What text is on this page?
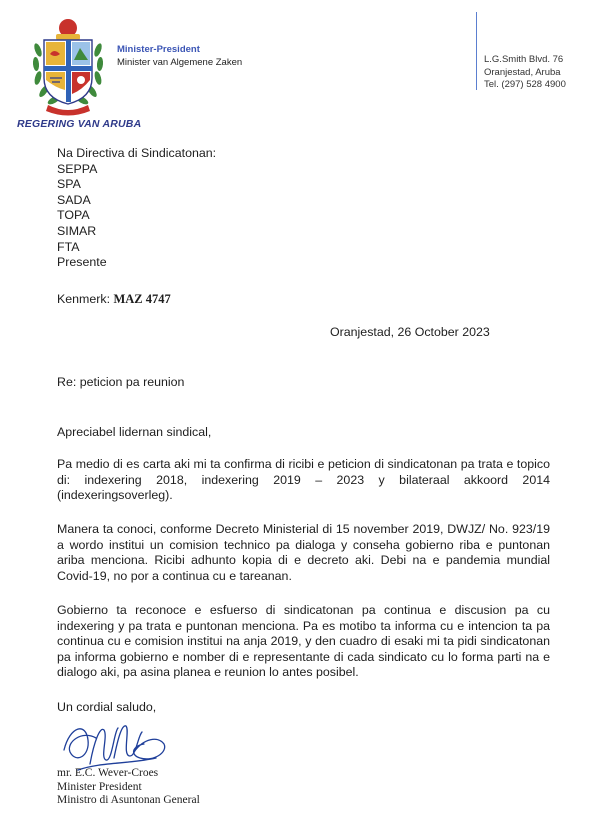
REGERING VAN ARUBA
Minister-President
Minister van Algemene Zaken	L.G.Smith Blvd. 76
Oranjestad, Aruba
Tel. (297) 528 4900
Na Directiva di Sindicatonan:
SEPPA
SPA
SADA
TOPA
SIMAR
FTA
Presente
Kenmerk: MAZ 4747
Oranjestad, 26 October 2023
Re: peticion pa reunion
Apreciabel lidernan sindical,
Pa medio di es carta aki mi ta confirma di ricibi e peticion di sindicatonan pa trata e topico di: indexering 2018, indexering 2019 – 2023 y bilateraal akkoord 2014 (indexeringsoverleg).
Manera ta conoci, conforme Decreto Ministerial di 15 november 2019, DWJZ/ No. 923/19 a wordo institui un comision technico pa dialoga y conseha gobierno riba e puntonan ariba menciona. Ricibi adhunto kopia di e decreto aki. Debi na e pandemia mundial Covid-19, no por a continua cu e tareanan.
Gobierno ta reconoce e esfuerso di sindicatonan pa continua e discusion pa cu indexering y pa trata e puntonan menciona. Pa es motibo ta informa cu e intencion ta pa continua cu e comision institui na anja 2019, y den cuadro di esaki mi ta pidi sindicatonan pa informa gobierno e nomber di e representante di cada sindicato cu lo forma parti na e dialogo aki, pa asina planea e reunion lo antes posibel.
Un cordial saludo,
mr. E.C. Wever-Croes
Minister President
Ministro di Asuntonan General
